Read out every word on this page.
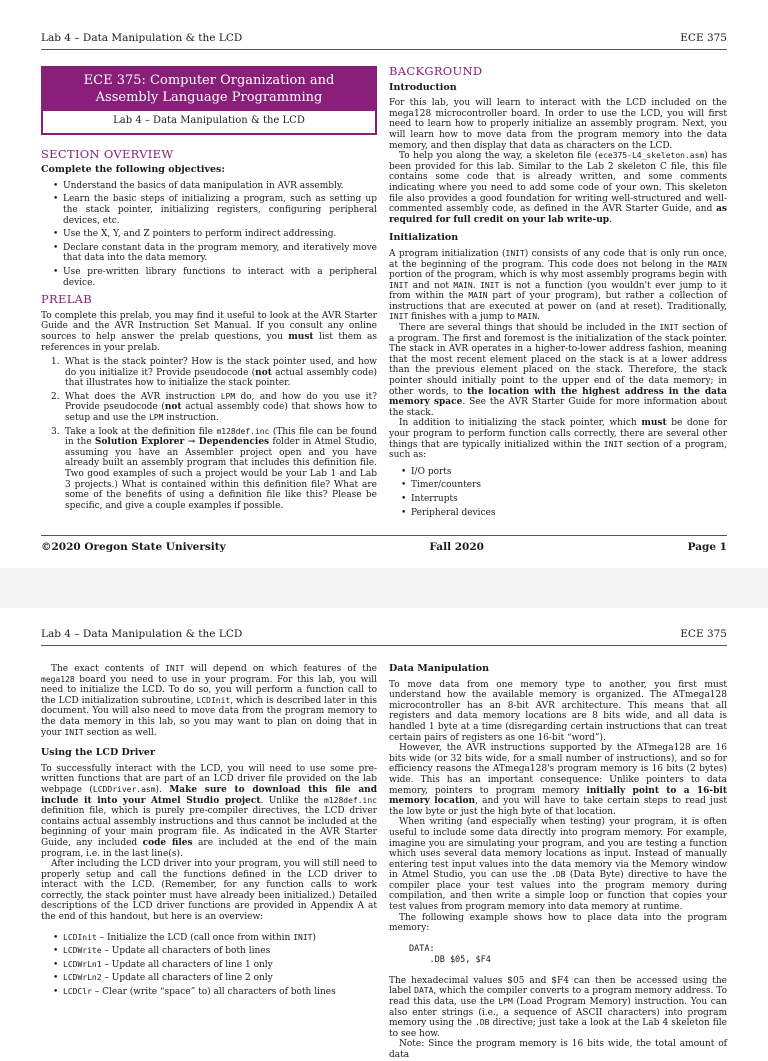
Lab 4 – Data Manipulation & the LCD	ECE 375
ECE 375: Computer Organization and
Assembly Language Programming
Lab 4 – Data Manipulation & the LCD
SECTION OVERVIEW
Complete the following objectives:
• Understand the basics of data manipulation in AVR assembly.
• Learn the basic steps of initializing a program, such as setting up the stack pointer, initializing registers, configuring peripheral devices, etc.
• Use the X, Y, and Z pointers to perform indirect addressing.
• Declare constant data in the program memory, and iteratively move that data into the data memory.
• Use pre-written library functions to interact with a peripheral device.
PRELAB

To complete this prelab, you may find it useful to look at the AVR Starter Guide and the AVR Instruction Set Manual. If you consult any online sources to help answer the prelab questions, you must list them as references in your prelab.

1. What is the stack pointer? How is the stack pointer used, and how do you initialize it? Provide pseudocode (not actual assembly code) that illustrates how to initialize the stack pointer.
2. What does the AVR instruction LPM do, and how do you use it? Provide pseudocode (not actual assembly code) that shows how to setup and use the LPM instruction.
3. Take a look at the definition file m128def.inc (This file can be found in the Solution Explorer → Dependencies folder in Atmel Studio, assuming you have an Assembler project open and you have already built an assembly program that includes this definition file. Two good examples of such a project would be your Lab 1 and Lab 3 projects.) What is contained within this definition file? What are some of the benefits of using a definition file like this? Please be specific, and give a couple examples if possible.
BACKGROUND
Introduction

For this lab, you will learn to interact with the LCD included on the mega128 microcontroller board. In order to use the LCD, you will first need to learn how to properly initialize an assembly program. Next, you will learn how to move data from the program memory into the data memory, and then display that data as characters on the LCD.

To help you along the way, a skeleton file (ece375-L4_skeleton.asm) has been provided for this lab. Similar to the Lab 2 skeleton C file, this file contains some code that is already written, and some comments indicating where you need to add some code of your own. This skeleton file also provides a good foundation for writing well-structured and well-commented assembly code, as defined in the AVR Starter Guide, and as required for full credit on your lab write-up.

Initialization

A program initialization (INIT) consists of any code that is only run once, at the beginning of the program. This code does not belong in the MAIN portion of the program, which is why most assembly programs begin with INIT and not MAIN. INIT is not a function (you wouldn't ever jump to it from within the MAIN part of your program), but rather a collection of instructions that are executed at power on (and at reset). Traditionally, INIT finishes with a jump to MAIN.

There are several things that should be included in the INIT section of a program. The first and foremost is the initialization of the stack pointer. The stack in AVR operates in a higher-to-lower address fashion, meaning that the most recent element placed on the stack is at a lower address than the previous element placed on the stack. Therefore, the stack pointer should initially point to the upper end of the data memory; in other words, to the location with the highest address in the data memory space. See the AVR Starter Guide for more information about the stack.

In addition to initializing the stack pointer, which must be done for your program to perform function calls correctly, there are several other things that are typically initialized within the INIT section of a program, such as:

• I/O ports
• Timer/counters
• Interrupts
• Peripheral devices
©2020 Oregon State University	Fall 2020	Page 1
Lab 4 – Data Manipulation & the LCD	ECE 375

The exact contents of INIT will depend on which features of the mega128 board you need to use in your program. For this lab, you will need to initialize the LCD. To do so, you will perform a function call to the LCD initialization subroutine, LCDInit, which is described later in this document. You will also need to move data from the program memory to the data memory in this lab, so you may want to plan on doing that in your INIT section as well.

Using the LCD Driver

To successfully interact with the LCD, you will need to use some pre-written functions that are part of an LCD driver file provided on the lab webpage (LCDDriver.asm). Make sure to download this file and include it into your Atmel Studio project. Unlike the m128def.inc definition file, which is purely pre-compiler directives, the LCD driver contains actual assembly instructions and thus cannot be included at the beginning of your main program file. As indicated in the AVR Starter Guide, any included code files are included at the end of the main program, i.e. in the last line(s).

After including the LCD driver into your program, you will still need to properly setup and call the functions defined in the LCD driver to interact with the LCD. (Remember, for any function calls to work correctly, the stack pointer must have already been initialized.) Detailed descriptions of the LCD driver functions are provided in Appendix A at the end of this handout, but here is an overview:

• LCDInit – Initialize the LCD (call once from within INIT)
• LCDWrite – Update all characters of both lines
• LCDWrLn1 – Update all characters of line 1 only
• LCDWrLn2 – Update all characters of line 2 only
• LCDClr – Clear (write “space” to) all characters of both lines
Data Manipulation

To move data from one memory type to another, you first must understand how the available memory is organized. The ATmega128 microcontroller has an 8-bit AVR architecture. This means that all registers and data memory locations are 8 bits wide, and all data is handled 1 byte at a time (disregarding certain instructions that can treat certain pairs of registers as one 16-bit “word”).

However, the AVR instructions supported by the ATmega128 are 16 bits wide (or 32 bits wide, for a small number of instructions), and so for efficiency reasons the ATmega128's program memory is 16 bits (2 bytes) wide. This has an important consequence: Unlike pointers to data memory, pointers to program memory initially point to a 16-bit memory location, and you will have to take certain steps to read just the low byte or just the high byte of that location.

When writing (and especially when testing) your program, it is often useful to include some data directly into program memory. For example, imagine you are simulating your program, and you are testing a function which uses several data memory locations as input. Instead of manually entering test input values into the data memory via the Memory window in Atmel Studio, you can use the .DB (Data Byte) directive to have the compiler place your test values into the program memory during compilation, and then write a simple loop or function that copies your test values from program memory into data memory at runtime.

The following example shows how to place data into the program memory:

DATA:
.DB $05, $F4

The hexadecimal values $05 and $F4 can then be accessed using the label DATA, which the compiler converts to a program memory address. To read this data, use the LPM (Load Program Memory) instruction. You can also enter strings (i.e., a sequence of ASCII characters) into program memory using the .DB directive; just take a look at the Lab 4 skeleton file to see how.

Note: Since the program memory is 16 bits wide, the total amount of data
